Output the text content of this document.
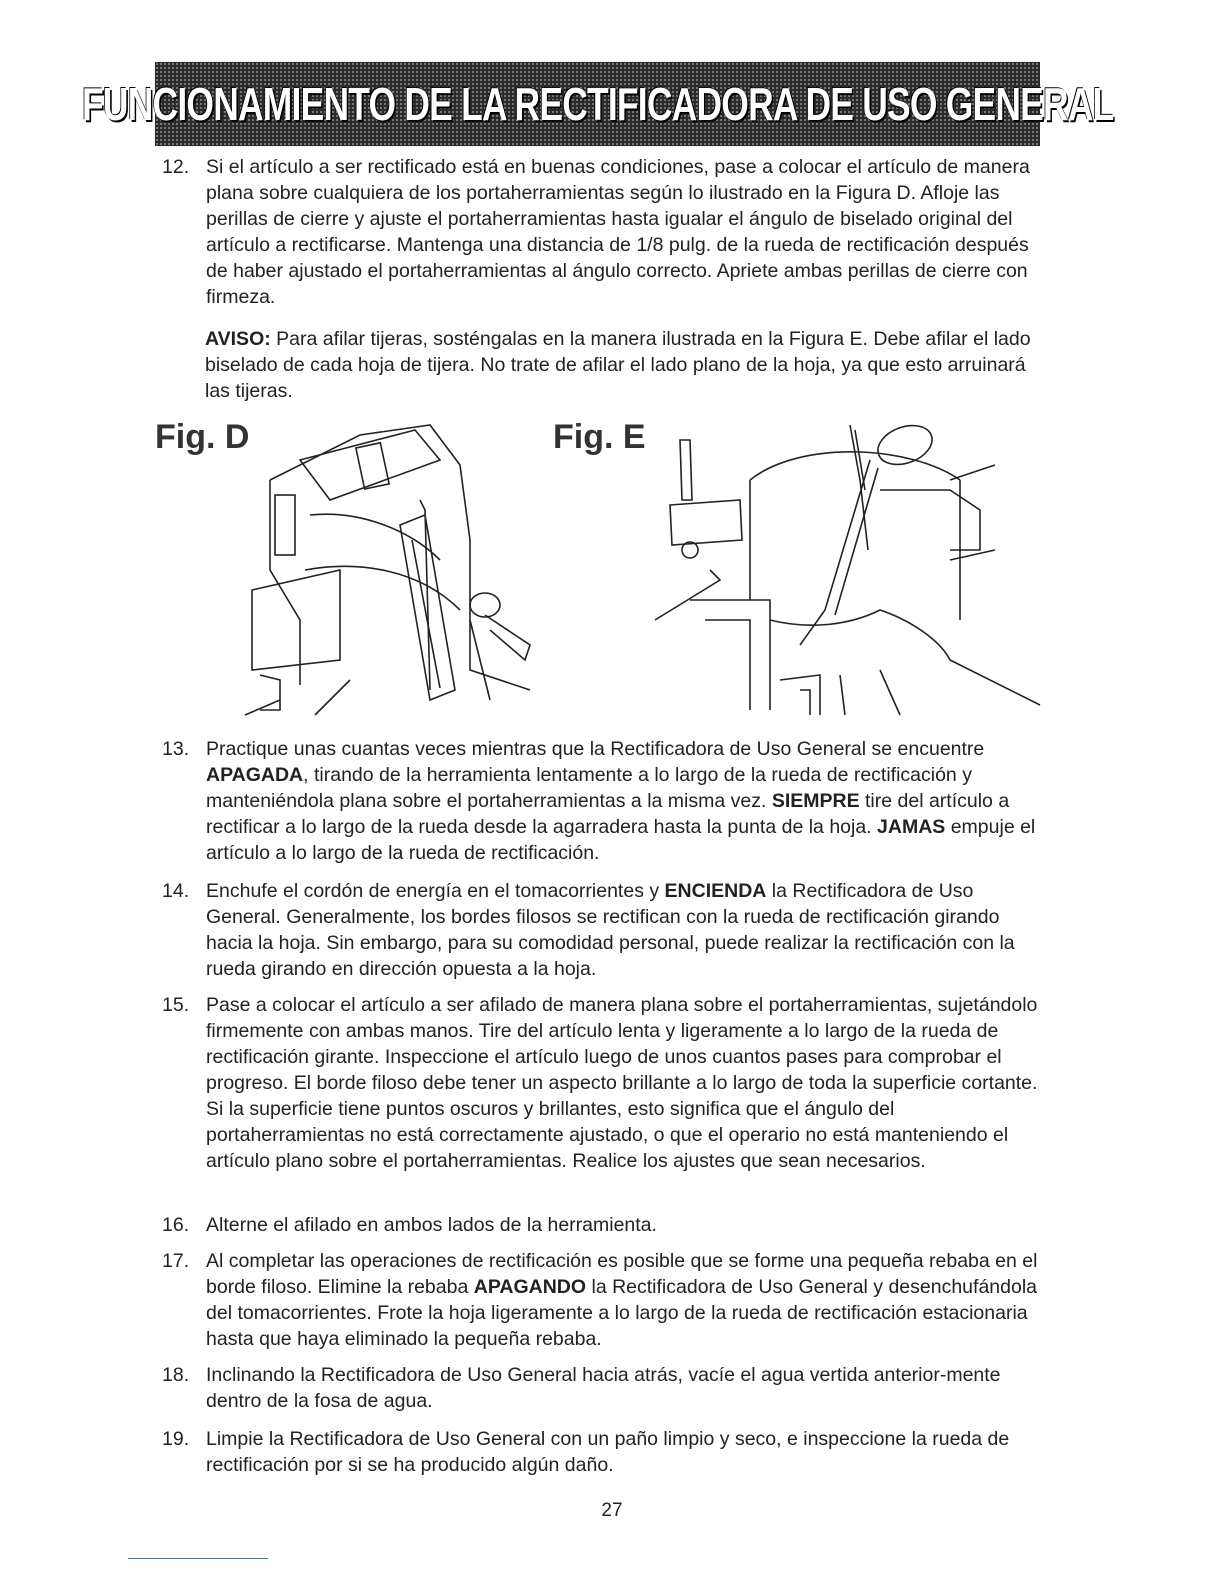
FUNCIONAMIENTO DE LA RECTIFICADORA DE USO GENERAL
12. Si el artículo a ser rectificado está en buenas condiciones, pase a colocar el artículo de manera plana sobre cualquiera de los portaherramientas según lo ilustrado en la Figura D. Afloje las perillas de cierre y ajuste el portaherramientas hasta igualar el ángulo de biselado original del artículo a rectificarse. Mantenga una distancia de 1/8 pulg. de la rueda de rectificación después de haber ajustado el portaherramientas al ángulo correcto. Apriete ambas perillas de cierre con firmeza.
AVISO: Para afilar tijeras, sosténgalas en la manera ilustrada en la Figura E. Debe afilar el lado biselado de cada hoja de tijera. No trate de afilar el lado plano de la hoja, ya que esto arruinará las tijeras.
Fig. D	Fig. E
13. Practique unas cuantas veces mientras que la Rectificadora de Uso General se encuentre APAGADA, tirando de la herramienta lentamente a lo largo de la rueda de rectificación y manteniéndola plana sobre el portaherramientas a la misma vez. SIEMPRE tire del artículo a rectificar a lo largo de la rueda desde la agarradera hasta la punta de la hoja. JAMAS empuje el artículo a lo largo de la rueda de rectificación.
14. Enchufe el cordón de energía en el tomacorrientes y ENCIENDA la Rectificadora de Uso General. Generalmente, los bordes filosos se rectifican con la rueda de rectificación girando hacia la hoja. Sin embargo, para su comodidad personal, puede realizar la rectificación con la rueda girando en dirección opuesta a la hoja.
15. Pase a colocar el artículo a ser afilado de manera plana sobre el portaherramientas, sujetándolo firmemente con ambas manos. Tire del artículo lenta y ligeramente a lo largo de la rueda de rectificación girante. Inspeccione el artículo luego de unos cuantos pases para comprobar el progreso. El borde filoso debe tener un aspecto brillante a lo largo de toda la superficie cortante. Si la superficie tiene puntos oscuros y brillantes, esto significa que el ángulo del portaherramientas no está correctamente ajustado, o que el operario no está manteniendo el artículo plano sobre el portaherramientas. Realice los ajustes que sean necesarios.
16. Alterne el afilado en ambos lados de la herramienta.
17. Al completar las operaciones de rectificación es posible que se forme una pequeña rebaba en el borde filoso. Elimine la rebaba APAGANDO la Rectificadora de Uso General y desenchufándola del tomacorrientes. Frote la hoja ligeramente a lo largo de la rueda de rectificación estacionaria hasta que haya eliminado la pequeña rebaba.
18. Inclinando la Rectificadora de Uso General hacia atrás, vacíe el agua vertida anterior-mente dentro de la fosa de agua.
19. Limpie la Rectificadora de Uso General con un paño limpio y seco, e inspeccione la rueda de rectificación por si se ha producido algún daño.
27
